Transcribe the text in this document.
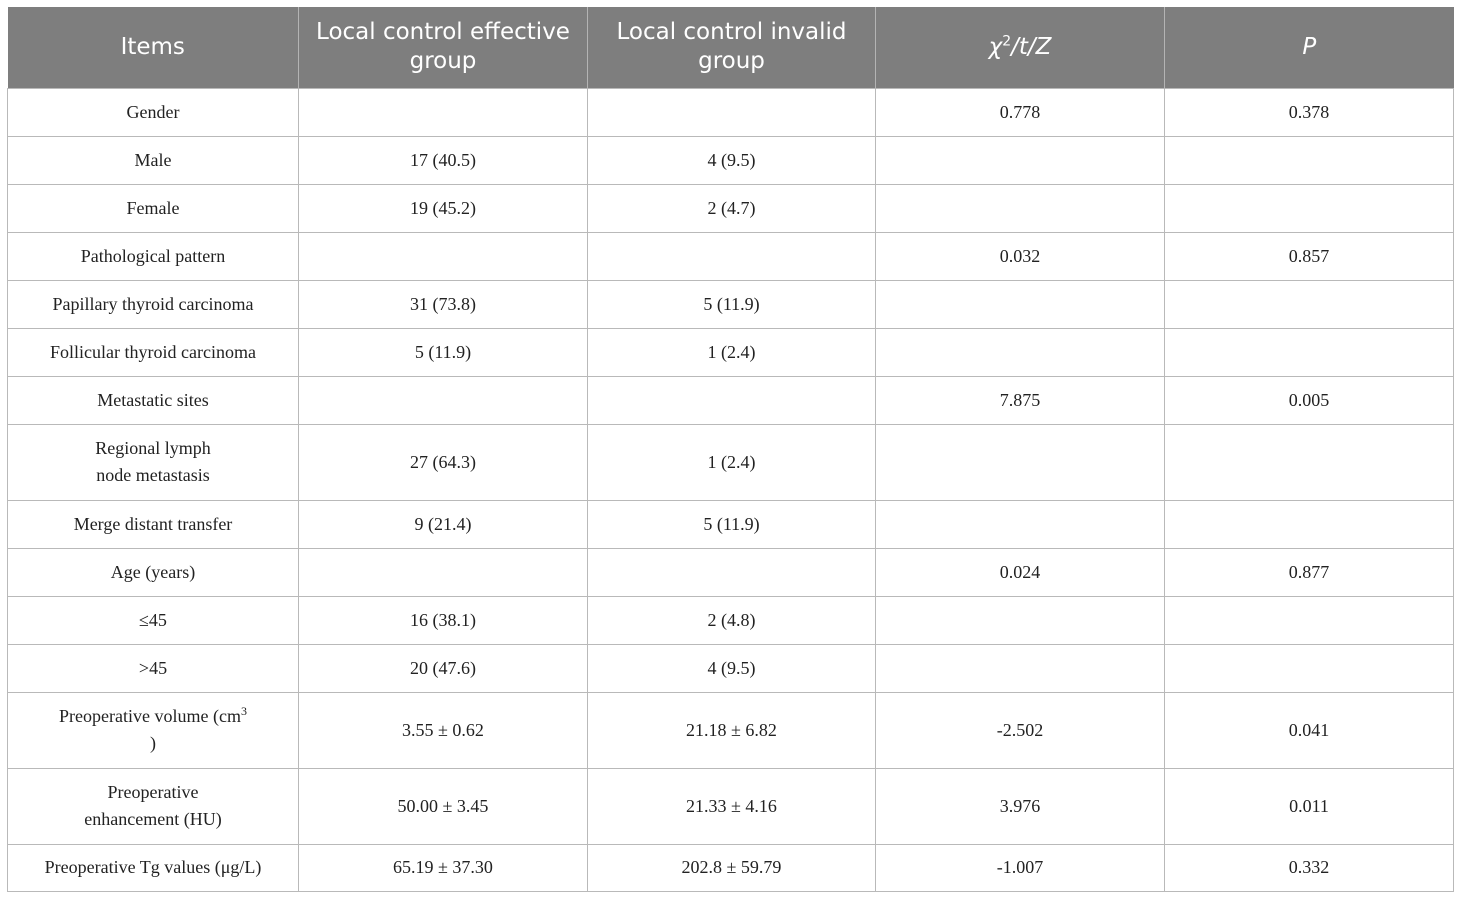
Items	Local control effective group	Local control invalid group	$\chi^2/t/Z$	P
Gender			0.778	0.378
Male	17 (40.5)	4 (9.5)		
Female	19 (45.2)	2 (4.7)		
Pathological pattern			0.032	0.857
Papillary thyroid carcinoma	31 (73.8)	5 (11.9)		
Follicular thyroid carcinoma	5 (11.9)	1 (2.4)		
Metastatic sites			7.875	0.005
Regional lymph
node metastasis	27 (64.3)	1 (2.4)		
Merge distant transfer	9 (21.4)	5 (11.9)		
Age (years)			0.024	0.877
≤45	16 (38.1)	2 (4.8)		
>45	20 (47.6)	4 (9.5)		
Preoperative volume ($cm^3$
)	3.55 ± 0.62	21.18 ± 6.82	-2.502	0.041
Preoperative
enhancement (HU)	50.00 ± 3.45	21.33 ± 4.16	3.976	0.011
Preoperative Tg values (μg/L)	65.19 ± 37.30	202.8 ± 59.79	-1.007	0.332
